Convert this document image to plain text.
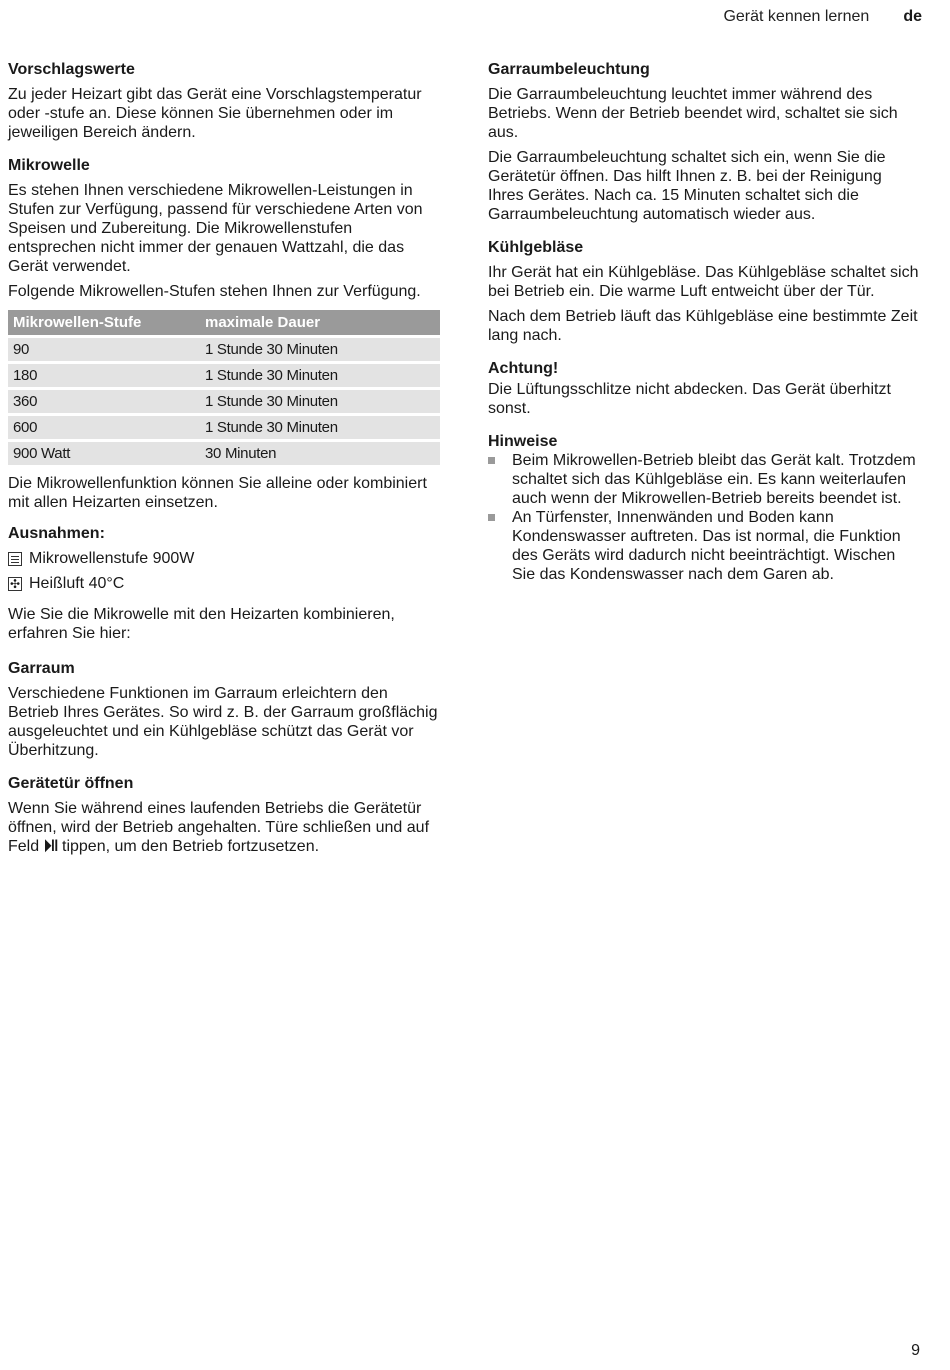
Gerät kennen lernen de
Vorschlagswerte

Zu jeder Heizart gibt das Gerät eine Vorschlagstemperatur oder -stufe an. Diese können Sie übernehmen oder im jeweiligen Bereich ändern.

Mikrowelle

Es stehen Ihnen verschiedene Mikrowellen-Leistungen in Stufen zur Verfügung, passend für verschiedene Arten von Speisen und Zubereitung. Die Mikrowellenstufen entsprechen nicht immer der genauen Wattzahl, die das Gerät verwendet.

Folgende Mikrowellen-Stufen stehen Ihnen zur Verfügung.

Mikrowellen-Stufe	maximale Dauer
90	1 Stunde 30 Minuten
180	1 Stunde 30 Minuten
360	1 Stunde 30 Minuten
600	1 Stunde 30 Minuten
900 Watt	30 Minuten

Die Mikrowellenfunktion können Sie alleine oder kombiniert mit allen Heizarten einsetzen.

Ausnahmen:
Mikrowellenstufe 900W
✣
Heißluft 40°C

Wie Sie die Mikrowelle mit den Heizarten kombinieren, erfahren Sie hier:

Garraum

Verschiedene Funktionen im Garraum erleichtern den Betrieb Ihres Gerätes. So wird z. B. der Garraum großflächig ausgeleuchtet und ein Kühlgebläse schützt das Gerät vor Überhitzung.

Gerätetür öffnen

Wenn Sie während eines laufenden Betriebs die Gerätetür öffnen, wird der Betrieb angehalten. Türe schließen und auf Feld ⏵‖ tippen, um den Betrieb fortzusetzen.

Garraumbeleuchtung

Die Garraumbeleuchtung leuchtet immer während des Betriebs. Wenn der Betrieb beendet wird, schaltet sie sich aus.

Die Garraumbeleuchtung schaltet sich ein, wenn Sie die Gerätetür öffnen. Das hilft Ihnen z. B. bei der Reinigung Ihres Gerätes. Nach ca. 15 Minuten schaltet sich die Garraumbeleuchtung automatisch wieder aus.

Kühlgebläse

Ihr Gerät hat ein Kühlgebläse. Das Kühlgebläse schaltet sich bei Betrieb ein. Die warme Luft entweicht über der Tür.

Nach dem Betrieb läuft das Kühlgebläse eine bestimmte Zeit lang nach.

Achtung!

Die Lüftungsschlitze nicht abdecken. Das Gerät überhitzt sonst.

Hinweise
Beim Mikrowellen-Betrieb bleibt das Gerät kalt. Trotzdem schaltet sich das Kühlgebläse ein. Es kann weiterlaufen auch wenn der Mikrowellen-Betrieb bereits beendet ist.
An Türfenster, Innenwänden und Boden kann Kondenswasser auftreten. Das ist normal, die Funktion des Geräts wird dadurch nicht beeinträchtigt. Wischen Sie das Kondenswasser nach dem Garen ab.
9
